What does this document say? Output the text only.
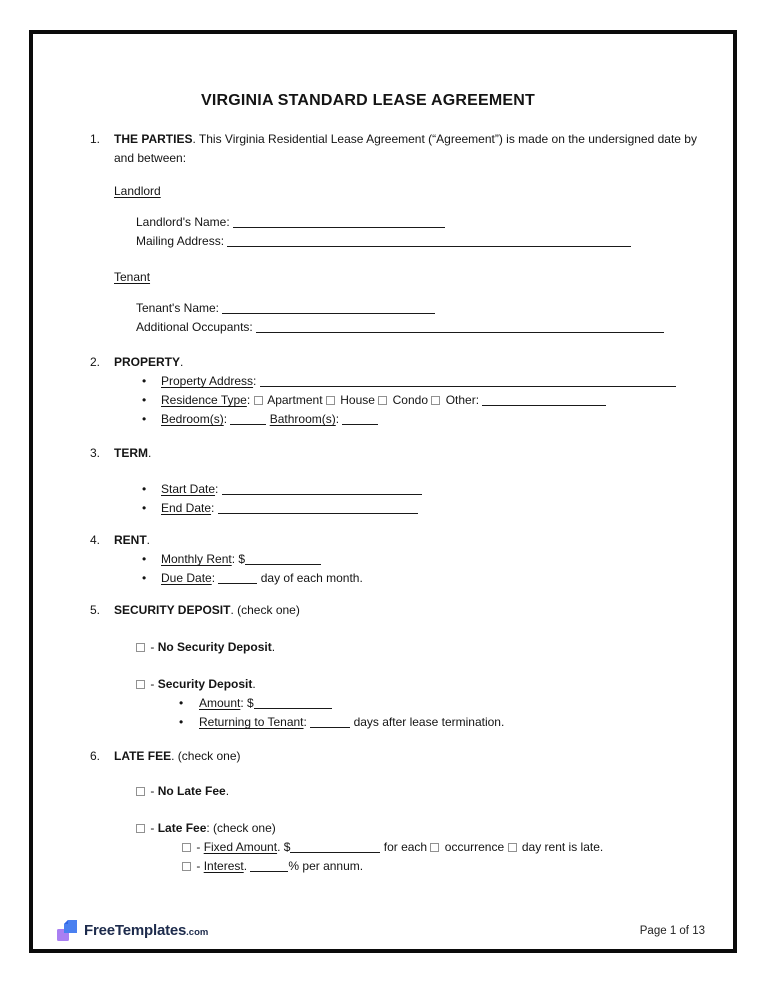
VIRGINIA STANDARD LEASE AGREEMENT
1. THE PARTIES. This Virginia Residential Lease Agreement (“Agreement”) is made on the undersigned date by and between:
Landlord
Landlord's Name:
Mailing Address:
Tenant
Tenant's Name:
Additional Occupants:
2. PROPERTY.
• Property Address:
• Residence Type: Apartment House Condo Other:
• Bedroom(s):	Bathroom(s):
3. TERM.
• Start Date:
• End Date:
4. RENT.
• Monthly Rent: $
• Due Date:	day of each month.
5. SECURITY DEPOSIT. (check one)
- No Security Deposit.
- Security Deposit.
• Amount: $
• Returning to Tenant:	days after lease termination.
6. LATE FEE. (check one)
- No Late Fee.
- Late Fee: (check one)
- Fixed Amount. $	for each occurrence day rent is late.
- Interest.	% per annum.
FreeTemplates.com	Page 1 of 13
